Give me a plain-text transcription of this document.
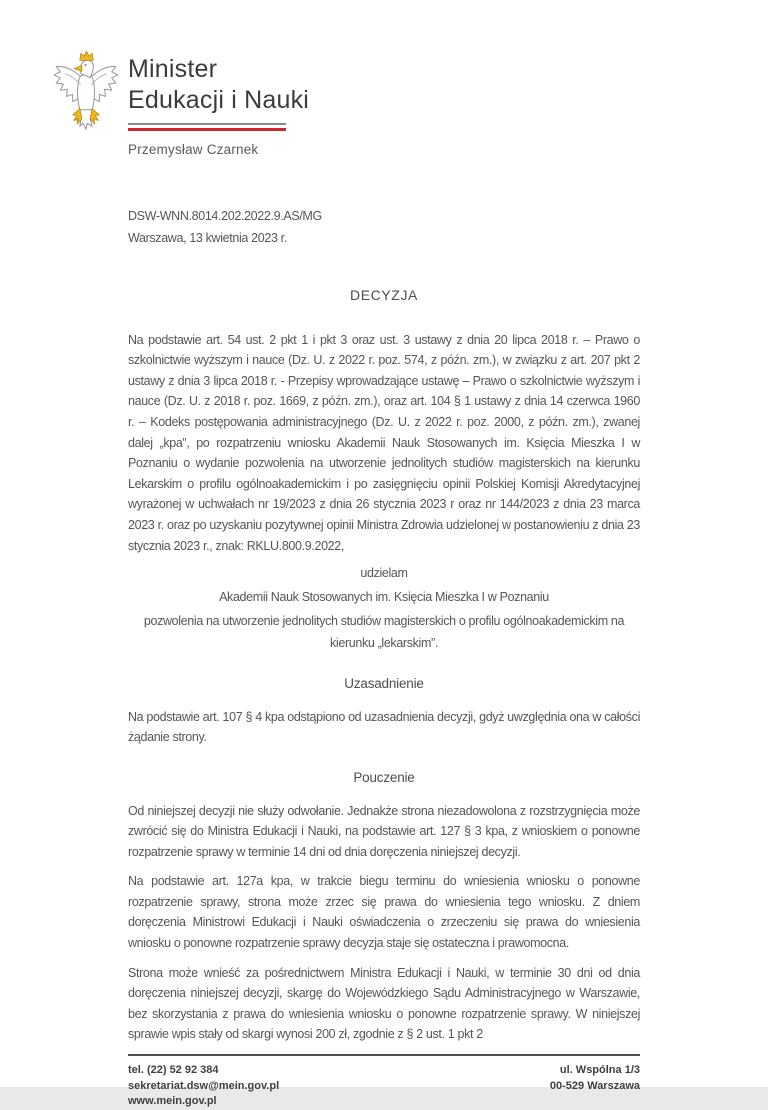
Minister
Edukacji i Nauki
Przemysław Czarnek
DSW-WNN.8014.202.2022.9.AS/MG
Warszawa, 13 kwietnia 2023 r.
DECYZJA

Na podstawie art. 54 ust. 2 pkt 1 i pkt 3 oraz ust. 3 ustawy z dnia 20 lipca 2018 r. – Prawo o szkolnictwie wyższym i nauce (Dz. U. z 2022 r. poz. 574, z późn. zm.), w związku z art. 207 pkt 2 ustawy z dnia 3 lipca 2018 r. - Przepisy wprowadzające ustawę – Prawo o szkolnictwie wyższym i nauce (Dz. U. z 2018 r. poz. 1669, z późn. zm.), oraz art. 104 § 1 ustawy z dnia 14 czerwca 1960 r. – Kodeks postępowania administracyjnego (Dz. U. z 2022 r. poz. 2000, z późn. zm.), zwanej dalej „kpa”, po rozpatrzeniu wniosku Akademii Nauk Stosowanych im. Księcia Mieszka I w Poznaniu o wydanie pozwolenia na utworzenie jednolitych studiów magisterskich na kierunku Lekarskim o profilu ogólnoakademickim i po zasięgnięciu opinii Polskiej Komisji Akredytacyjnej wyrażonej w uchwałach nr 19/2023 z dnia 26 stycznia 2023 r oraz nr 144/2023 z dnia 23 marca 2023 r. oraz po uzyskaniu pozytywnej opinii Ministra Zdrowia udzielonej w postanowieniu z dnia 23 stycznia 2023 r., znak: RKLU.800.9.2022,

udzielam
Akademii Nauk Stosowanych im. Księcia Mieszka I w Poznaniu
pozwolenia na utworzenie jednolitych studiów magisterskich o profilu ogólnoakademickim na kierunku „lekarskim”.
Uzasadnienie

Na podstawie art. 107 § 4 kpa odstąpiono od uzasadnienia decyzji, gdyż uwzględnia ona w całości żądanie strony.

Pouczenie

Od niniejszej decyzji nie służy odwołanie. Jednakże strona niezadowolona z rozstrzygnięcia może zwrócić się do Ministra Edukacji i Nauki, na podstawie art. 127 § 3 kpa, z wnioskiem o ponowne rozpatrzenie sprawy w terminie 14 dni od dnia doręczenia niniejszej decyzji.

Na podstawie art. 127a kpa, w trakcie biegu terminu do wniesienia wniosku o ponowne rozpatrzenie sprawy, strona może zrzec się prawa do wniesienia tego wniosku. Z dniem doręczenia Ministrowi Edukacji i Nauki oświadczenia o zrzeczeniu się prawa do wniesienia wniosku o ponowne rozpatrzenie sprawy decyzja staje się ostateczna i prawomocna.

Strona może wnieść za pośrednictwem Ministra Edukacji i Nauki, w terminie 30 dni od dnia doręczenia niniejszej decyzji, skargę do Wojewódzkiego Sądu Administracyjnego w Warszawie, bez skorzystania z prawa do wniesienia wniosku o ponowne rozpatrzenie sprawy. W niniejszej sprawie wpis stały od skargi wynosi 200 zł, zgodnie z § 2 ust. 1 pkt 2

tel. (22) 52 92 384
sekretariat.dsw@mein.gov.pl
www.mein.gov.pl
ul. Wspólna 1/3
00-529 Warszawa
